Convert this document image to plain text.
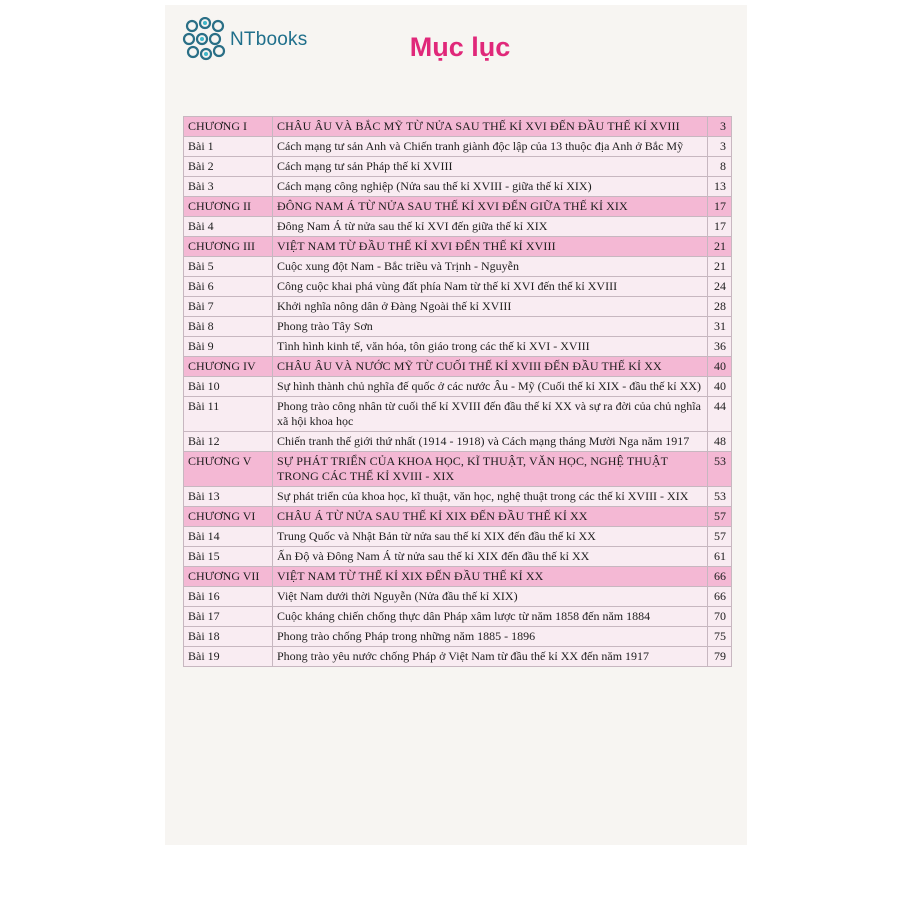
NTbooks	Mục lục
CHƯƠNG I	CHÂU ÂU VÀ BẮC MỸ TỪ NỬA SAU THẾ KỈ XVI ĐẾN ĐẦU THẾ KỈ XVIII	3
Bài 1	Cách mạng tư sản Anh và Chiến tranh giành độc lập của 13 thuộc địa Anh ở Bắc Mỹ	3
Bài 2	Cách mạng tư sản Pháp thế kỉ XVIII	8
Bài 3	Cách mạng công nghiệp (Nửa sau thế kỉ XVIII - giữa thế kỉ XIX)	13
CHƯƠNG II	ĐÔNG NAM Á TỪ NỬA SAU THẾ KỈ XVI ĐẾN GIỮA THẾ KỈ XIX	17
Bài 4	Đông Nam Á từ nửa sau thế kỉ XVI đến giữa thế kỉ XIX	17
CHƯƠNG III	VIỆT NAM TỪ ĐẦU THẾ KỈ XVI ĐẾN THẾ KỈ XVIII	21
Bài 5	Cuộc xung đột Nam - Bắc triều và Trịnh - Nguyễn	21
Bài 6	Công cuộc khai phá vùng đất phía Nam từ thế kỉ XVI đến thế kỉ XVIII	24
Bài 7	Khởi nghĩa nông dân ở Đàng Ngoài thế kỉ XVIII	28
Bài 8	Phong trào Tây Sơn	31
Bài 9	Tình hình kinh tế, văn hóa, tôn giáo trong các thế kỉ XVI - XVIII	36
CHƯƠNG IV	CHÂU ÂU VÀ NƯỚC MỸ TỪ CUỐI THẾ KỈ XVIII ĐẾN ĐẦU THẾ KỈ XX	40
Bài 10	Sự hình thành chủ nghĩa đế quốc ở các nước Âu - Mỹ (Cuối thế kỉ XIX - đầu thế kỉ XX)	40
Bài 11	Phong trào công nhân từ cuối thế kỉ XVIII đến đầu thế kỉ XX và sự ra đời của chủ nghĩa xã hội khoa học	44
Bài 12	Chiến tranh thế giới thứ nhất (1914 - 1918) và Cách mạng tháng Mười Nga năm 1917	48
CHƯƠNG V	SỰ PHÁT TRIỂN CỦA KHOA HỌC, KĨ THUẬT, VĂN HỌC, NGHỆ THUẬT TRONG CÁC THẾ KỈ XVIII - XIX	53
Bài 13	Sự phát triển của khoa học, kĩ thuật, văn học, nghệ thuật trong các thế kỉ XVIII - XIX	53
CHƯƠNG VI	CHÂU Á TỪ NỬA SAU THẾ KỈ XIX ĐẾN ĐẦU THẾ KỈ XX	57
Bài 14	Trung Quốc và Nhật Bản từ nửa sau thế kỉ XIX đến đầu thế kỉ XX	57
Bài 15	Ấn Độ và Đông Nam Á từ nửa sau thế kỉ XIX đến đầu thế kỉ XX	61
CHƯƠNG VII	VIỆT NAM TỪ THẾ KỈ XIX ĐẾN ĐẦU THẾ KỈ XX	66
Bài 16	Việt Nam dưới thời Nguyễn (Nửa đầu thế kỉ XIX)	66
Bài 17	Cuộc kháng chiến chống thực dân Pháp xâm lược từ năm 1858 đến năm 1884	70
Bài 18	Phong trào chống Pháp trong những năm 1885 - 1896	75
Bài 19	Phong trào yêu nước chống Pháp ở Việt Nam từ đầu thế kỉ XX đến năm 1917	79
